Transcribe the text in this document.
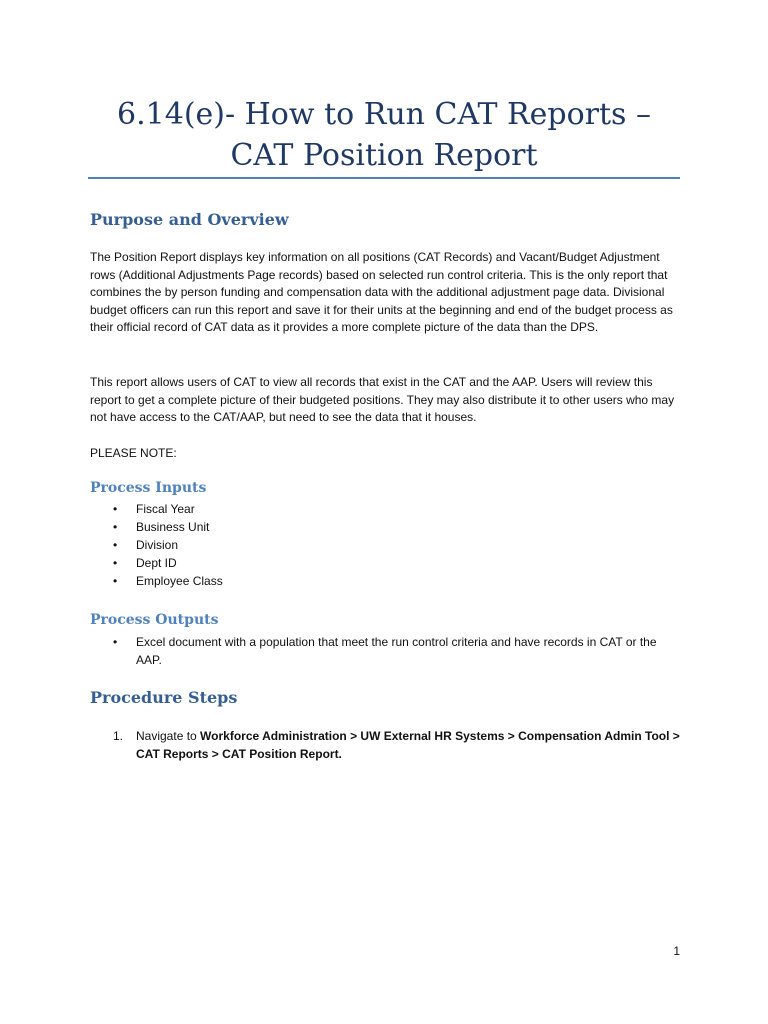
6.14(e)- How to Run CAT Reports – CAT Position Report
Purpose and Overview

The Position Report displays key information on all positions (CAT Records) and Vacant/Budget Adjustment rows (Additional Adjustments Page records) based on selected run control criteria. This is the only report that combines the by person funding and compensation data with the additional adjustment page data. Divisional budget officers can run this report and save it for their units at the beginning and end of the budget process as their official record of CAT data as it provides a more complete picture of the data than the DPS.

This report allows users of CAT to view all records that exist in the CAT and the AAP. Users will review this report to get a complete picture of their budgeted positions. They may also distribute it to other users who may not have access to the CAT/AAP, but need to see the data that it houses.

PLEASE NOTE:

Process Inputs
• Fiscal Year
• Business Unit
• Division
• Dept ID
• Employee Class
Process Outputs

•	Excel document with a population that meet the run control criteria and have records in CAT or the AAP.

Procedure Steps

1.	Navigate to Workforce Administration > UW External HR Systems > Compensation Admin Tool > CAT Reports > CAT Position Report.

1
